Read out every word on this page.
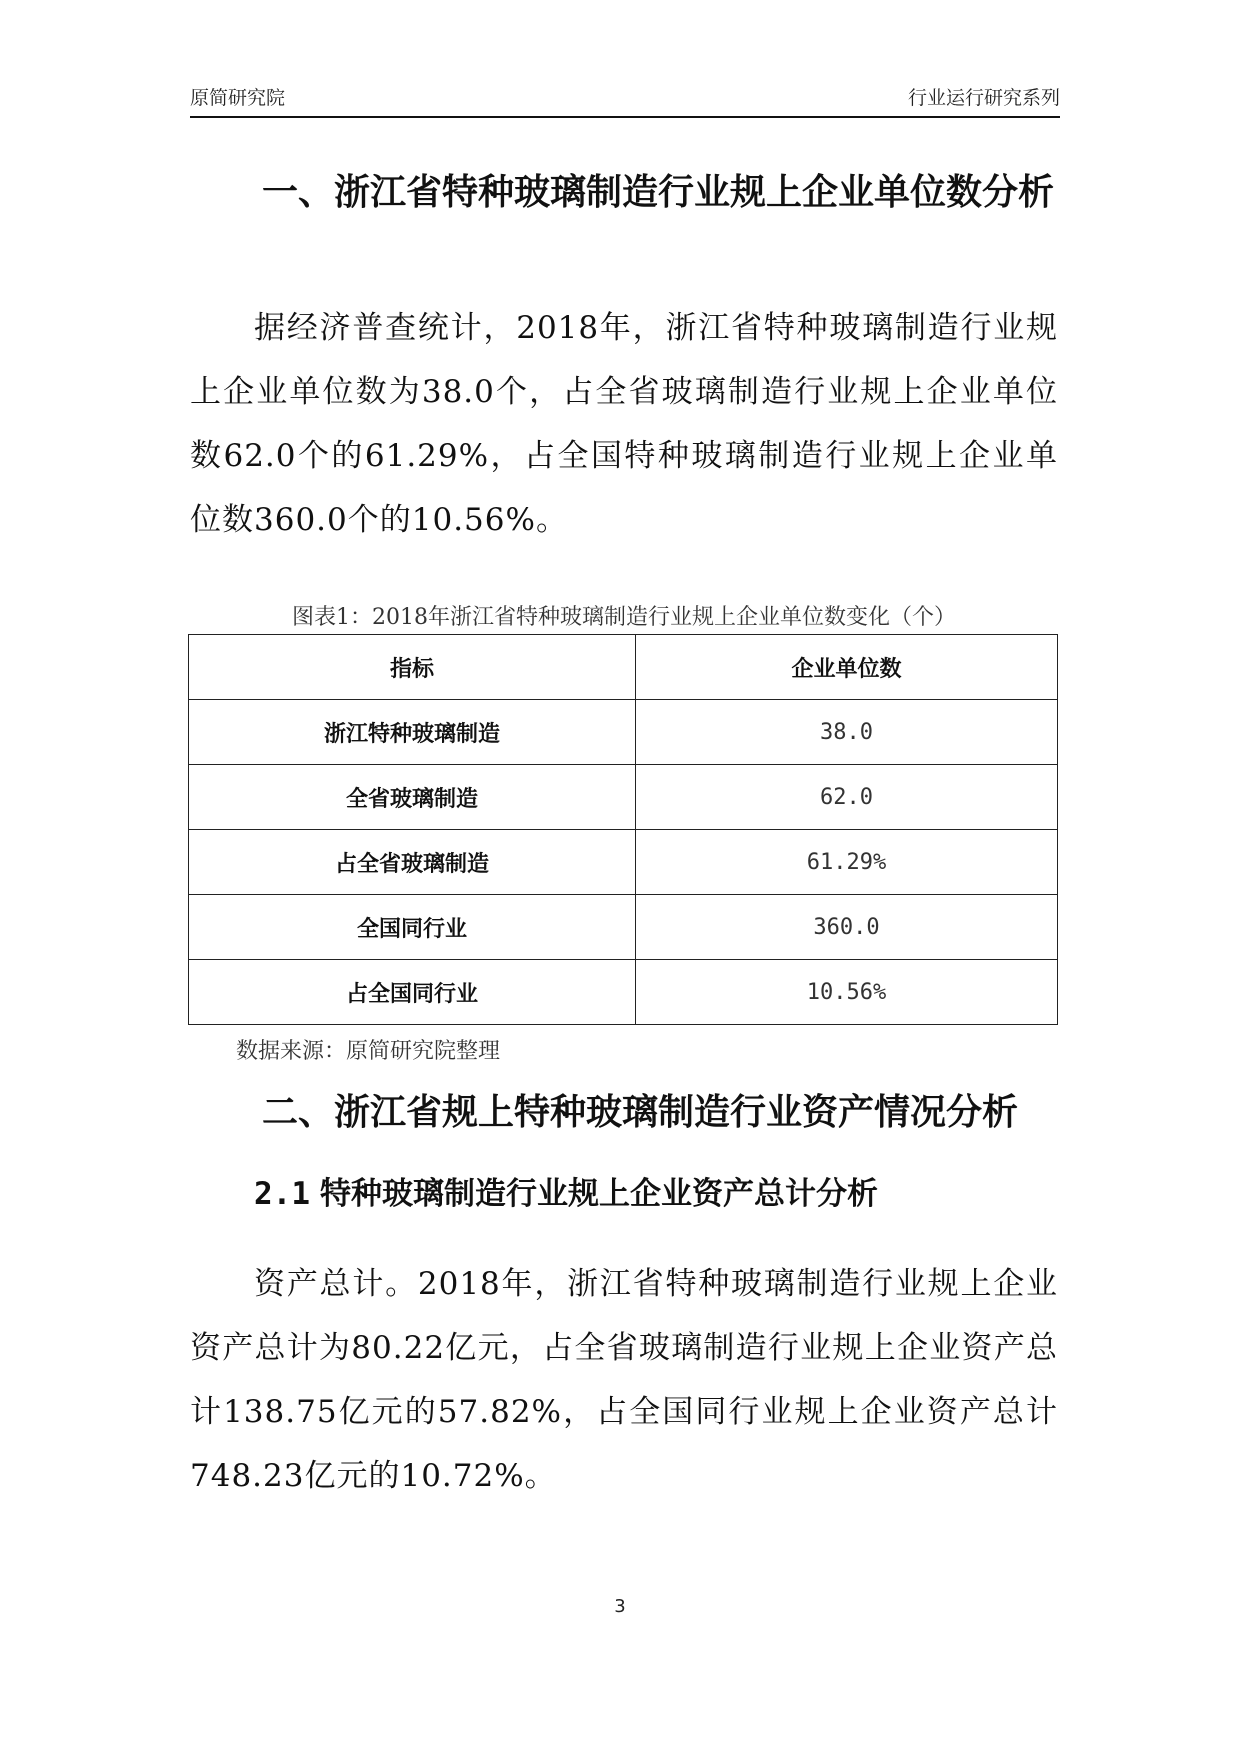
原简研究院	行业运行研究系列
一、浙江省特种玻璃制造行业规上企业单位数分析

据经济普查统计，2018年，浙江省特种玻璃制造行业规上企业单位数为38.0个，占全省玻璃制造行业规上企业单位数62.0个的61.29%，占全国特种玻璃制造行业规上企业单位数360.0个的10.56%。

图表1：2018年浙江省特种玻璃制造行业规上企业单位数变化（个）
指标	企业单位数
浙江特种玻璃制造	38.0
全省玻璃制造	62.0
占全省玻璃制造	61.29%
全国同行业	360.0
占全国同行业	10.56%
数据来源：原简研究院整理
二、浙江省规上特种玻璃制造行业资产情况分析
2.1 特种玻璃制造行业规上企业资产总计分析

资产总计。2018年，浙江省特种玻璃制造行业规上企业资产总计为80.22亿元，占全省玻璃制造行业规上企业资产总计138.75亿元的57.82%，占全国同行业规上企业资产总计748.23亿元的10.72%。

3
